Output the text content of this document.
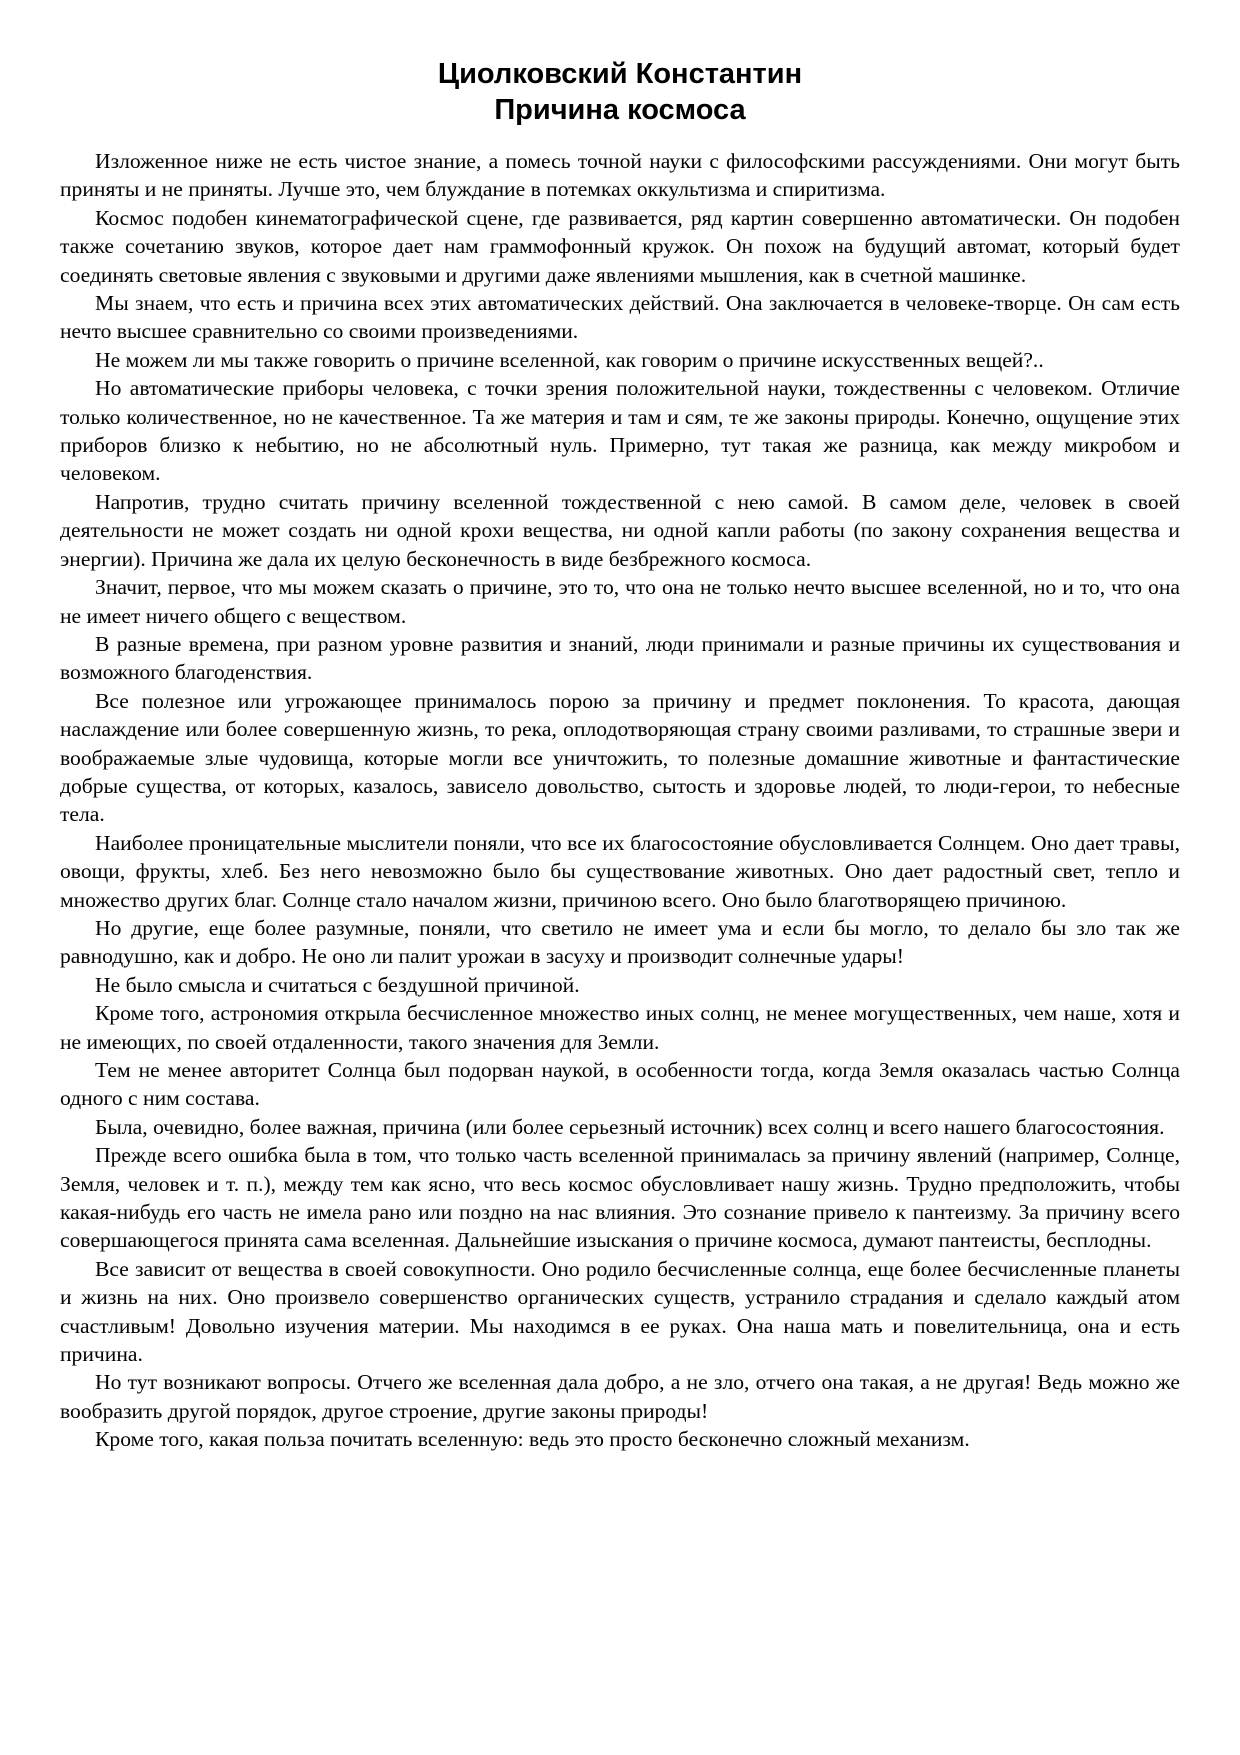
Циолковский Константин
Причина космоса

Изложенное ниже не есть чистое знание, а помесь точной науки с философскими рассуждениями. Они могут быть приняты и не приняты. Лучше это, чем блуждание в потемках оккультизма и спиритизма.

Космос подобен кинематографической сцене, где развивается, ряд картин совершенно автоматически. Он подобен также сочетанию звуков, которое дает нам граммофонный кружок. Он похож на будущий автомат, который будет соединять световые явления с звуковыми и другими даже явлениями мышления, как в счетной машинке.

Мы знаем, что есть и причина всех этих автоматических действий. Она заключается в человеке-творце. Он сам есть нечто высшее сравнительно со своими произведениями.

Не можем ли мы также говорить о причине вселенной, как говорим о причине искусственных вещей?..

Но автоматические приборы человека, с точки зрения положительной науки, тождественны с человеком. Отличие только количественное, но не качественное. Та же материя и там и сям, те же законы природы. Конечно, ощущение этих приборов близко к небытию, но не абсолютный нуль. Примерно, тут такая же разница, как между микробом и человеком.

Напротив, трудно считать причину вселенной тождественной с нею самой. В самом деле, человек в своей деятельности не может создать ни одной крохи вещества, ни одной капли работы (по закону сохранения вещества и энергии). Причина же дала их целую бесконечность в виде безбрежного космоса.

Значит, первое, что мы можем сказать о причине, это то, что она не только нечто высшее вселенной, но и то, что она не имеет ничего общего с веществом.

В разные времена, при разном уровне развития и знаний, люди принимали и разные причины их существования и возможного благоденствия.

Все полезное или угрожающее принималось порою за причину и предмет поклонения. То красота, дающая наслаждение или более совершенную жизнь, то река, оплодотворяющая страну своими разливами, то страшные звери и воображаемые злые чудовища, которые могли все уничтожить, то полезные домашние животные и фантастические добрые существа, от которых, казалось, зависело довольство, сытость и здоровье людей, то люди-герои, то небесные тела.

Наиболее проницательные мыслители поняли, что все их благосостояние обусловливается Солнцем. Оно дает травы, овощи, фрукты, хлеб. Без него невозможно было бы существование животных. Оно дает радостный свет, тепло и множество других благ. Солнце стало началом жизни, причиною всего. Оно было благотворящею причиною.

Но другие, еще более разумные, поняли, что светило не имеет ума и если бы могло, то делало бы зло так же равнодушно, как и добро. Не оно ли палит урожаи в засуху и производит солнечные удары!

Не было смысла и считаться с бездушной причиной.

Кроме того, астрономия открыла бесчисленное множество иных солнц, не менее могущественных, чем наше, хотя и не имеющих, по своей отдаленности, такого значения для Земли.

Тем не менее авторитет Солнца был подорван наукой, в особенности тогда, когда Земля оказалась частью Солнца одного с ним состава.

Была, очевидно, более важная, причина (или более серьезный источник) всех солнц и всего нашего благосостояния.

Прежде всего ошибка была в том, что только часть вселенной принималась за причину явлений (например, Солнце, Земля, человек и т. п.), между тем как ясно, что весь космос обусловливает нашу жизнь. Трудно предположить, чтобы какая-нибудь его часть не имела рано или поздно на нас влияния. Это сознание привело к пантеизму. За причину всего совершающегося принята сама вселенная. Дальнейшие изыскания о причине космоса, думают пантеисты, бесплодны.

Все зависит от вещества в своей совокупности. Оно родило бесчисленные солнца, еще более бесчисленные планеты и жизнь на них. Оно произвело совершенство органических существ, устранило страдания и сделало каждый атом счастливым! Довольно изучения материи. Мы находимся в ее руках. Она наша мать и повелительница, она и есть причина.

Но тут возникают вопросы. Отчего же вселенная дала добро, а не зло, отчего она такая, а не другая! Ведь можно же вообразить другой порядок, другое строение, другие законы природы!

Кроме того, какая польза почитать вселенную: ведь это просто бесконечно сложный механизм.
